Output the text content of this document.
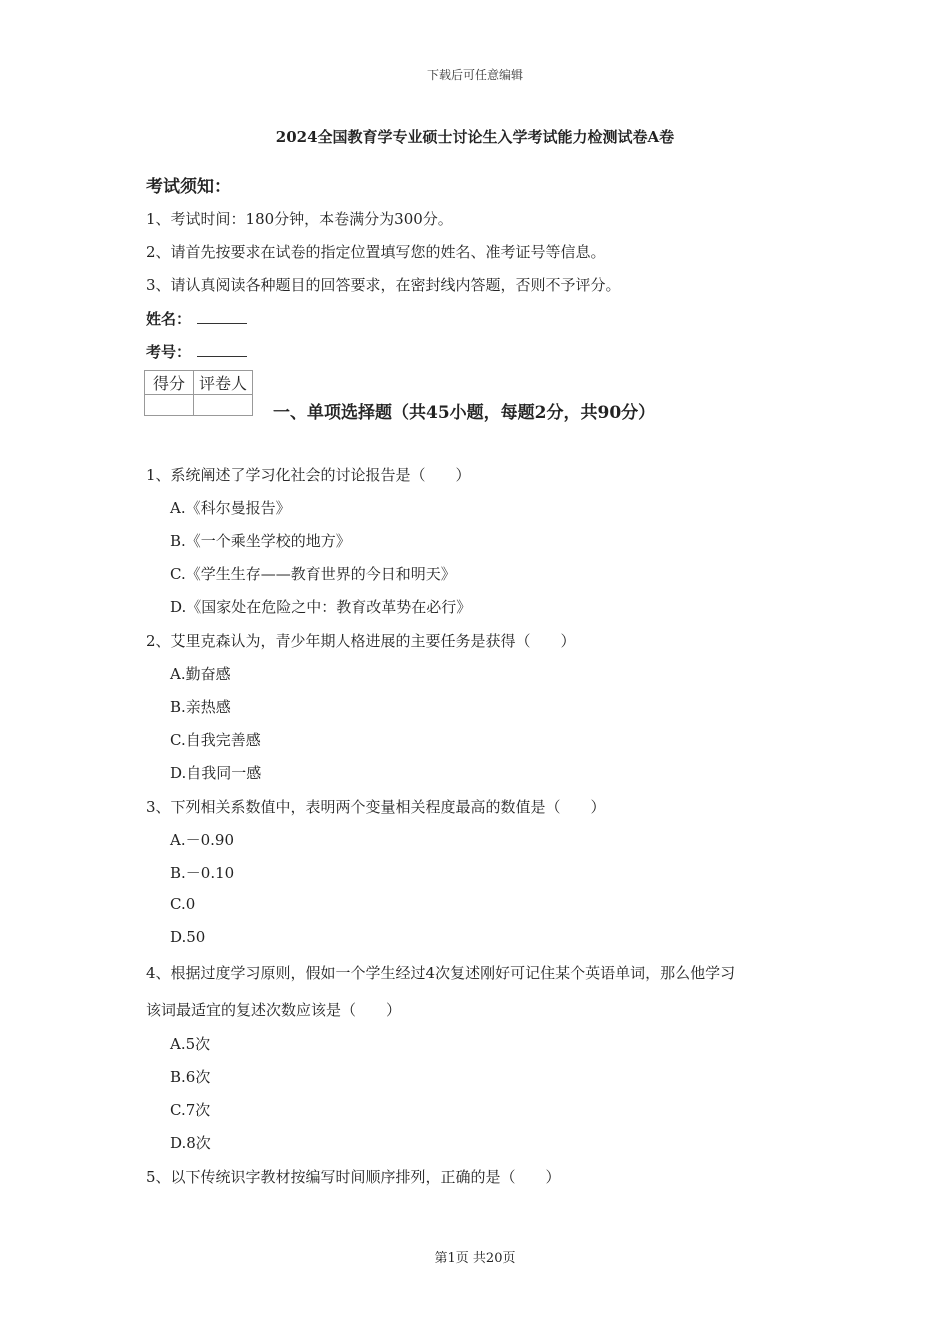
下载后可任意编辑
2024全国教育学专业硕士讨论生入学考试能力检测试卷A卷
考试须知：
1、考试时间：180分钟，本卷满分为300分。
2、请首先按要求在试卷的指定位置填写您的姓名、准考证号等信息。
3、请认真阅读各种题目的回答要求，在密封线内答题，否则不予评分。
姓名：
考号：
得分	评卷人

一、单项选择题（共45小题，每题2分，共90分）
1、系统阐述了学习化社会的讨论报告是（　　）
A.《科尔曼报告》
B.《一个乘坐学校的地方》
C.《学生生存——教育世界的今日和明天》
D.《国家处在危险之中：教育改革势在必行》
2、艾里克森认为，青少年期人格进展的主要任务是获得（　　）
A.勤奋感
B.亲热感
C.自我完善感
D.自我同一感
3、下列相关系数值中，表明两个变量相关程度最高的数值是（　　）
A.－0.90
B.－0.10
C.0
D.50
4、根据过度学习原则，假如一个学生经过4次复述刚好可记住某个英语单词，那么他学习
该词最适宜的复述次数应该是（　　）
A.5次
B.6次
C.7次
D.8次
5、以下传统识字教材按编写时间顺序排列，正确的是（　　）
第1页 共20页
